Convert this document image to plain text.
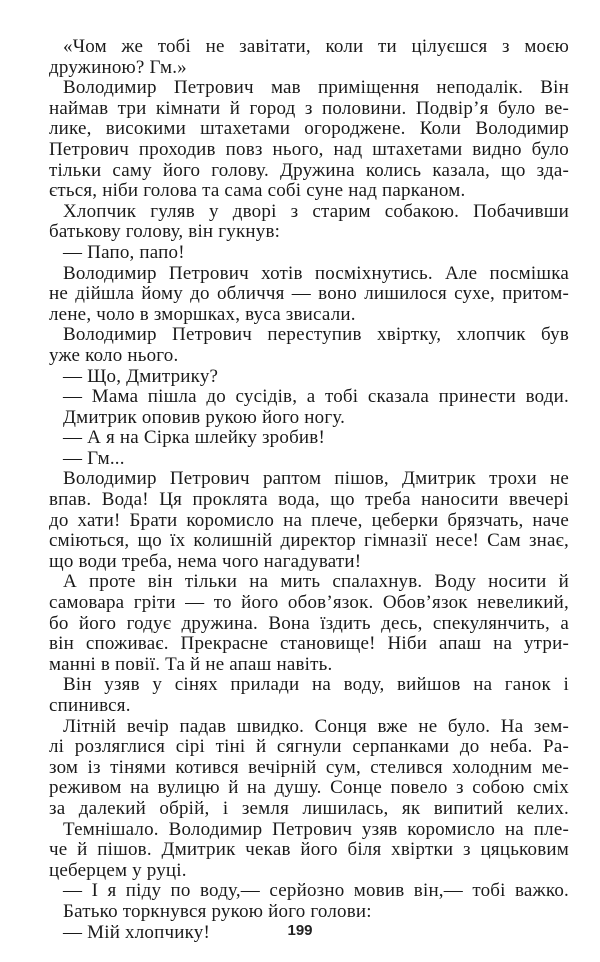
«Чом же тобі не завітати, коли ти цілуєшся з моєю
дружиною? Гм.»
Володимир Петрович мав приміщення неподалік. Він
наймав три кімнати й город з половини. Подвір’я було ве-
лике, високими штахетами огороджене. Коли Володимир
Петрович проходив повз нього, над штахетами видно було
тільки саму його голову. Дружина колись казала, що зда-
ється, ніби голова та сама собі суне над парканом.
Хлопчик гуляв у дворі з старим собакою. Побачивши
батькову голову, він гукнув:
— Папо, папо!
Володимир Петрович хотів посміхнутись. Але посмішка
не дійшла йому до обличчя — воно лишилося сухе, притом-
лене, чоло в зморшках, вуса звисали.
Володимир Петрович переступив хвіртку, хлопчик був
уже коло нього.
— Що, Дмитрику?
— Мама пішла до сусідів, а тобі сказала принести води.
Дмитрик оповив рукою його ногу.
— А я на Сірка шлейку зробив!
— Гм...
Володимир Петрович раптом пішов, Дмитрик трохи не
впав. Вода! Ця проклята вода, що треба наносити ввечері
до хати! Брати коромисло на плече, цеберки брязчать, наче
сміються, що їх колишній директор гімназії несе! Сам знає,
що води треба, нема чого нагадувати!
А проте він тільки на мить спалахнув. Воду носити й
самовара гріти — то його обов’язок. Обов’язок невеликий,
бо його годує дружина. Вона їздить десь, спекулянчить, а
він споживає. Прекрасне становище! Ніби апаш на утри-
манні в повії. Та й не апаш навіть.
Він узяв у сінях прилади на воду, вийшов на ганок і
спинився.
Літній вечір падав швидко. Сонця вже не було. На зем-
лі розляглися сірі тіні й сягнули серпанками до неба. Ра-
зом із тінями котився вечірній сум, стелився холодним ме-
реживом на вулицю й на душу. Сонце повело з собою сміх
за далекий обрій, і земля лишилась, як випитий келих.
Темнішало. Володимир Петрович узяв коромисло на пле-
че й пішов. Дмитрик чекав його біля хвіртки з цяцьковим
цеберцем у руці.
— І я піду по воду,— серйозно мовив він,— тобі важко.
Батько торкнувся рукою його голови:
— Мій хлопчику!	199
